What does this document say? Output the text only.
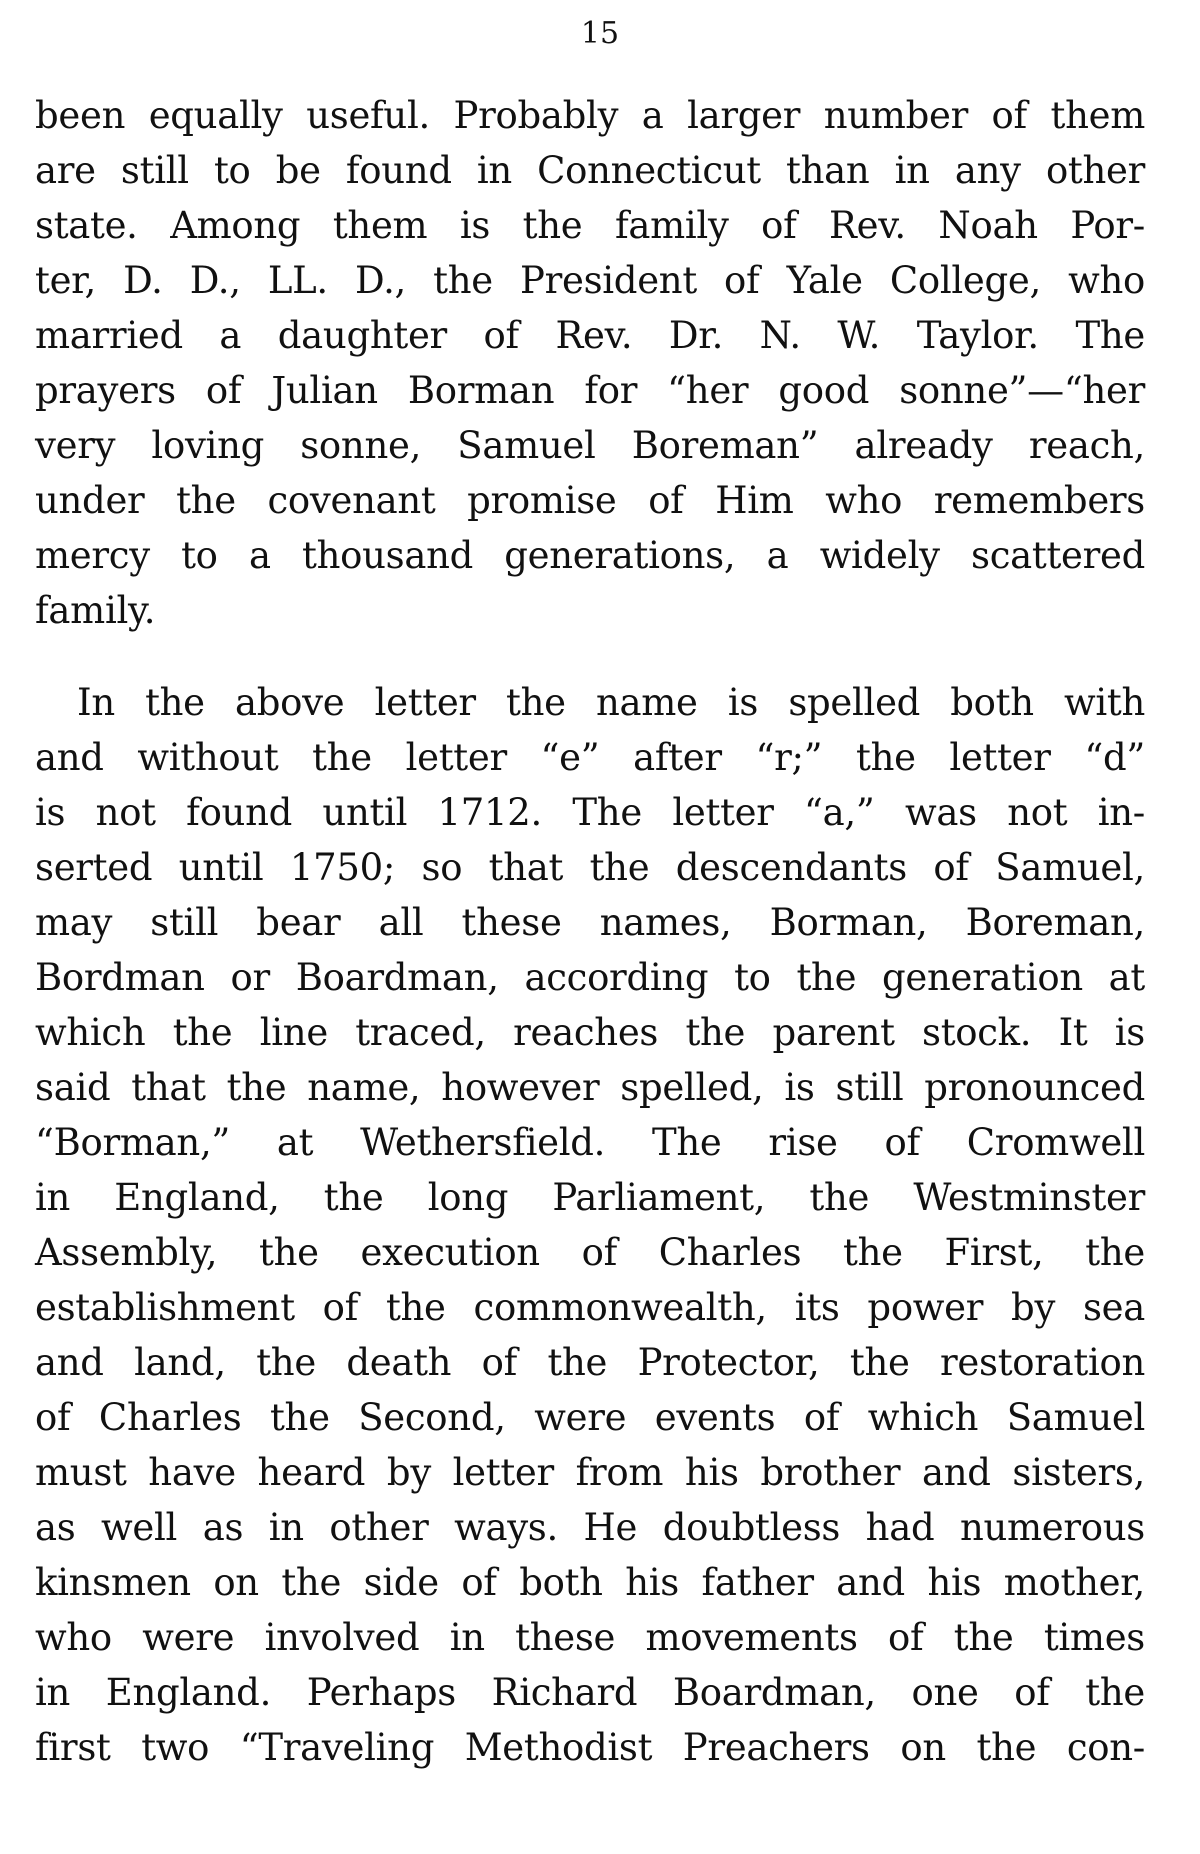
15
been equally useful. Probably a larger number of them
are still to be found in Connecticut than in any other
state. Among them is the family of Rev. Noah Por-
ter, D. D., LL. D., the President of Yale College, who
married a daughter of Rev. Dr. N. W. Taylor. The
prayers of Julian Borman for “her good sonne”—“her
very loving sonne, Samuel Boreman” already reach,
under the covenant promise of Him who remembers
mercy to a thousand generations, a widely scattered
family.
In the above letter the name is spelled both with
and without the letter “e” after “r;” the letter “d”
is not found until 1712. The letter “a,” was not in-
serted until 1750; so that the descendants of Samuel,
may still bear all these names, Borman, Boreman,
Bordman or Boardman, according to the generation at
which the line traced, reaches the parent stock. It is
said that the name, however spelled, is still pronounced
“Borman,” at Wethersfield. The rise of Cromwell
in England, the long Parliament, the Westminster
Assembly, the execution of Charles the First, the
establishment of the commonwealth, its power by sea
and land, the death of the Protector, the restoration
of Charles the Second, were events of which Samuel
must have heard by letter from his brother and sisters,
as well as in other ways. He doubtless had numerous
kinsmen on the side of both his father and his mother,
who were involved in these movements of the times
in England. Perhaps Richard Boardman, one of the
first two “Traveling Methodist Preachers on the con-
